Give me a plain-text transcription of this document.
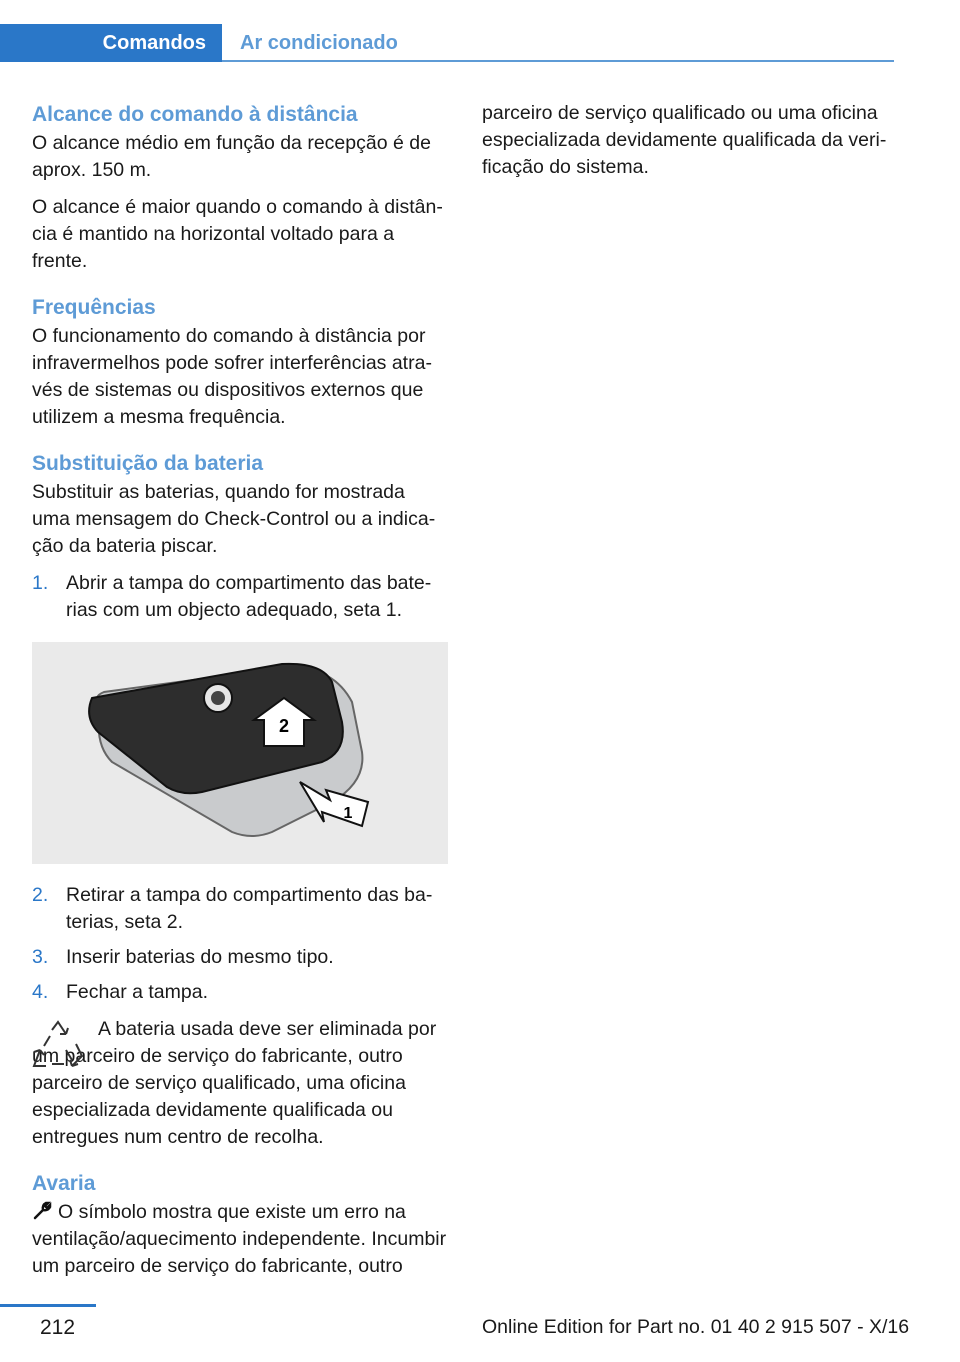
Comandos	Ar condicionado
Alcance do comando à distância

O alcance médio em função da recepção é de aprox. 150 m.

O alcance é maior quando o comando à distância é mantido na horizontal voltado para a frente.

Frequências

O funcionamento do comando à distância por infravermelhos pode sofrer interferências através de sistemas ou dispositivos externos que utilizem a mesma frequência.

Substituição da bateria

Substituir as baterias, quando for mostrada uma mensagem do Check-Control ou a indicação da bateria piscar.

1. Abrir a tampa do compartimento das baterias com um objecto adequado, seta 1.
2
1
2. Retirar a tampa do compartimento das baterias, seta 2.
3. Inserir baterias do mesmo tipo.
4. Fechar a tampa.

A bateria usada deve ser eliminada por um parceiro de serviço do fabricante, outro parceiro de serviço qualificado, uma oficina especializada devidamente qualificada ou entregues num centro de recolha.

Avaria

O símbolo mostra que existe um erro na ventilação/aquecimento independente. Incumbir um parceiro de serviço do fabricante, outro

parceiro de serviço qualificado ou uma oficina especializada devidamente qualificada da verificação do sistema.

212	Online Edition for Part no. 01 40 2 915 507 - X/16
